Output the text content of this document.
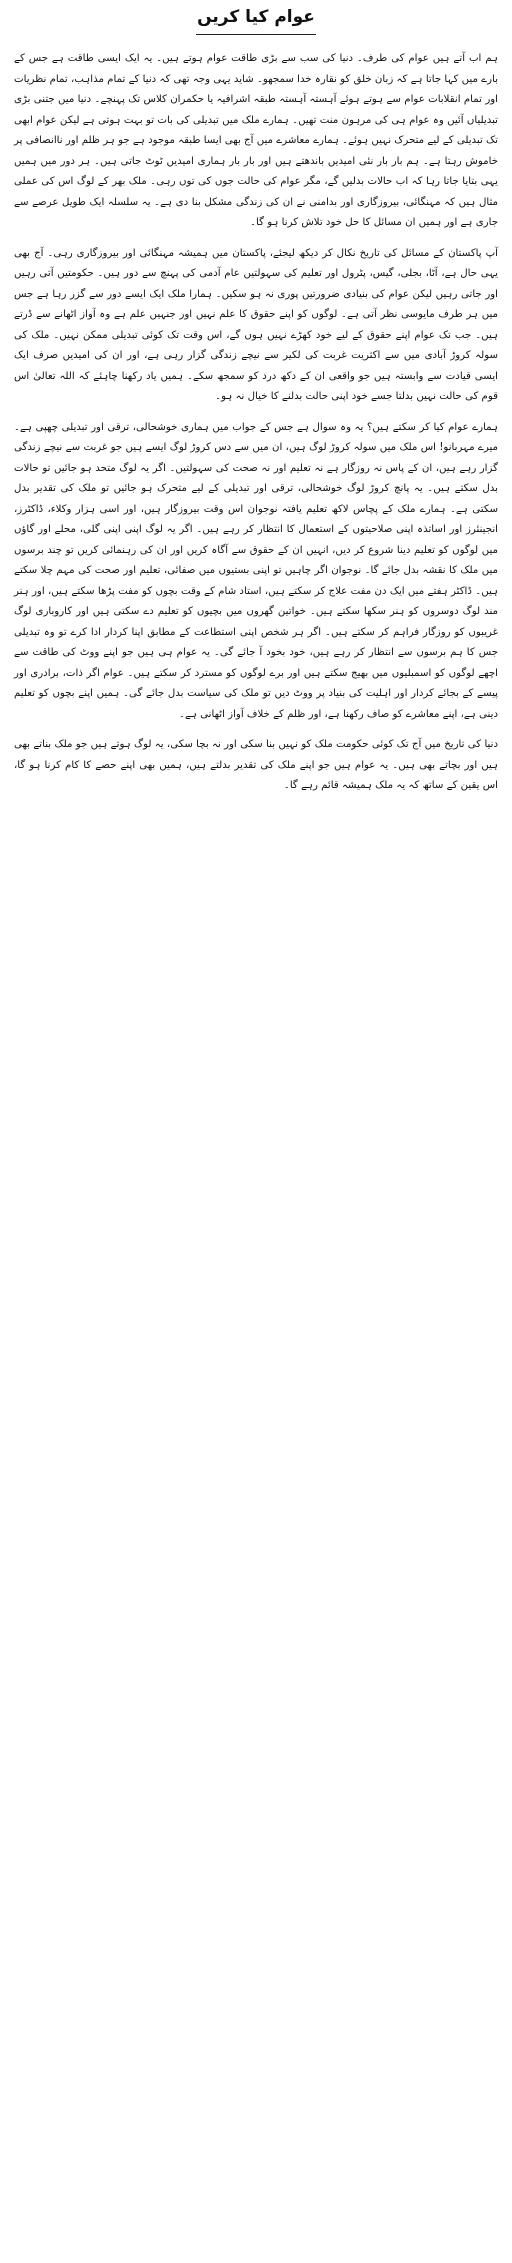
عوام کیا کریں

ہم اب آتے ہیں عوام کی طرف۔ دنیا کی سب سے بڑی طاقت عوام ہوتے ہیں۔ یہ ایک ایسی طاقت ہے جس کے بارے میں کہا جاتا ہے کہ زبان خلق کو نقارہ خدا سمجھو۔ شاید یہی وجہ تھی کہ دنیا کے تمام مذاہب، تمام نظریات اور تمام انقلابات عوام سے ہوتے ہوئے آہستہ آہستہ طبقہ اشرافیہ یا حکمران کلاس تک پہنچے۔ دنیا میں جتنی بڑی تبدیلیاں آئیں وہ عوام ہی کی مرہون منت تھیں۔ ہمارے ملک میں تبدیلی کی بات تو بہت ہوتی ہے لیکن عوام ابھی تک تبدیلی کے لیے متحرک نہیں ہوئے۔ ہمارے معاشرے میں آج بھی ایسا طبقہ موجود ہے جو ہر ظلم اور ناانصافی پر خاموش رہتا ہے۔ ہم بار بار نئی امیدیں باندھتے ہیں اور بار بار ہماری امیدیں ٹوٹ جاتی ہیں۔ ہر دور میں ہمیں یہی بتایا جاتا رہا کہ اب حالات بدلیں گے، مگر عوام کی حالت جوں کی توں رہی۔ ملک بھر کے لوگ اس کی عملی مثال ہیں کہ مہنگائی، بیروزگاری اور بدامنی نے ان کی زندگی مشکل بنا دی ہے۔ یہ سلسلہ ایک طویل عرصے سے جاری ہے اور ہمیں ان مسائل کا حل خود تلاش کرنا ہو گا۔

آپ پاکستان کے مسائل کی تاریخ نکال کر دیکھ لیجئے، پاکستان میں ہمیشہ مہنگائی اور بیروزگاری رہی۔ آج بھی یہی حال ہے، آٹا، بجلی، گیس، پٹرول اور تعلیم کی سہولتیں عام آدمی کی پہنچ سے دور ہیں۔ حکومتیں آتی رہیں اور جاتی رہیں لیکن عوام کی بنیادی ضرورتیں پوری نہ ہو سکیں۔ ہمارا ملک ایک ایسے دور سے گزر رہا ہے جس میں ہر طرف مایوسی نظر آتی ہے۔ لوگوں کو اپنے حقوق کا علم نہیں اور جنہیں علم ہے وہ آواز اٹھانے سے ڈرتے ہیں۔ جب تک عوام اپنے حقوق کے لیے خود کھڑے نہیں ہوں گے، اس وقت تک کوئی تبدیلی ممکن نہیں۔ ملک کی سولہ کروڑ آبادی میں سے اکثریت غربت کی لکیر سے نیچے زندگی گزار رہی ہے، اور ان کی امیدیں صرف ایک ایسی قیادت سے وابستہ ہیں جو واقعی ان کے دکھ درد کو سمجھ سکے۔ ہمیں یاد رکھنا چاہئے کہ اللہ تعالیٰ اس قوم کی حالت نہیں بدلتا جسے خود اپنی حالت بدلنے کا خیال نہ ہو۔

ہمارے عوام کیا کر سکتے ہیں؟ یہ وہ سوال ہے جس کے جواب میں ہماری خوشحالی، ترقی اور تبدیلی چھپی ہے۔ میرے مہربانو! اس ملک میں سولہ کروڑ لوگ ہیں، ان میں سے دس کروڑ لوگ ایسے ہیں جو غربت سے نیچے زندگی گزار رہے ہیں، ان کے پاس نہ روزگار ہے نہ تعلیم اور نہ صحت کی سہولتیں۔ اگر یہ لوگ متحد ہو جائیں تو حالات بدل سکتے ہیں۔ یہ پانچ کروڑ لوگ خوشحالی، ترقی اور تبدیلی کے لیے متحرک ہو جائیں تو ملک کی تقدیر بدل سکتی ہے۔ ہمارے ملک کے پچاس لاکھ تعلیم یافتہ نوجوان اس وقت بیروزگار ہیں، اور اسی ہزار وکلاء، ڈاکٹرز، انجینئرز اور اساتذہ اپنی صلاحیتوں کے استعمال کا انتظار کر رہے ہیں۔ اگر یہ لوگ اپنی اپنی گلی، محلے اور گاؤں میں لوگوں کو تعلیم دینا شروع کر دیں، انہیں ان کے حقوق سے آگاہ کریں اور ان کی رہنمائی کریں تو چند برسوں میں ملک کا نقشہ بدل جائے گا۔ نوجوان اگر چاہیں تو اپنی بستیوں میں صفائی، تعلیم اور صحت کی مہم چلا سکتے ہیں۔ ڈاکٹر ہفتے میں ایک دن مفت علاج کر سکتے ہیں، استاد شام کے وقت بچوں کو مفت پڑھا سکتے ہیں، اور ہنر مند لوگ دوسروں کو ہنر سکھا سکتے ہیں۔ خواتین گھروں میں بچیوں کو تعلیم دے سکتی ہیں اور کاروباری لوگ غریبوں کو روزگار فراہم کر سکتے ہیں۔ اگر ہر شخص اپنی استطاعت کے مطابق اپنا کردار ادا کرے تو وہ تبدیلی جس کا ہم برسوں سے انتظار کر رہے ہیں، خود بخود آ جائے گی۔ یہ عوام ہی ہیں جو اپنے ووٹ کی طاقت سے اچھے لوگوں کو اسمبلیوں میں بھیج سکتے ہیں اور برے لوگوں کو مسترد کر سکتے ہیں۔ عوام اگر ذات، برادری اور پیسے کے بجائے کردار اور اہلیت کی بنیاد پر ووٹ دیں تو ملک کی سیاست بدل جائے گی۔ ہمیں اپنے بچوں کو تعلیم دینی ہے، اپنے معاشرے کو صاف رکھنا ہے، اور ظلم کے خلاف آواز اٹھانی ہے۔

دنیا کی تاریخ میں آج تک کوئی حکومت ملک کو نہیں بنا سکی اور نہ بچا سکی، یہ لوگ ہوتے ہیں جو ملک بناتے بھی ہیں اور بچاتے بھی ہیں۔ یہ عوام ہیں جو اپنے ملک کی تقدیر بدلتے ہیں، ہمیں بھی اپنے حصے کا کام کرنا ہو گا، اس یقین کے ساتھ کہ یہ ملک ہمیشہ قائم رہے گا۔
